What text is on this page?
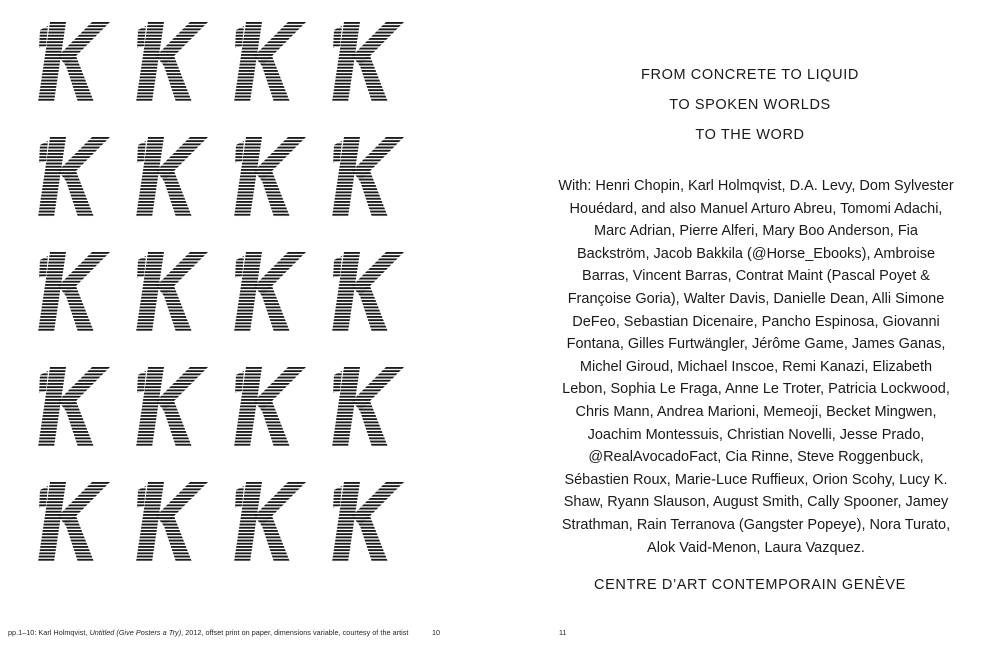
pp.1–10: Karl Holmqvist, Untitled (Give Posters a Try), 2012, offset print on paper, dimensions variable, courtesy of the artist	10
FROM CONCRETE TO LIQUID
TO SPOKEN WORLDS
TO THE WORD
With: Henri Chopin, Karl Holmqvist, D.A. Levy, Dom Sylvester Houédard, and also Manuel Arturo Abreu, Tomomi Adachi, Marc Adrian, Pierre Alferi, Mary Boo Anderson, Fia Backström, Jacob Bakkila (@Horse_Ebooks), Ambroise Barras, Vincent Barras, Contrat Maint (Pascal Poyet & Françoise Goria), Walter Davis, Danielle Dean, Alli Simone DeFeo, Sebastian Dicenaire, Pancho Espinosa, Giovanni Fontana, Gilles Furtwängler, Jérôme Game, James Ganas, Michel Giroud, Michael Inscoe, Remi Kanazi, Elizabeth Lebon, Sophia Le Fraga, Anne Le Troter, Patricia Lockwood, Chris Mann, Andrea Marioni, Memeoji, Becket Mingwen, Joachim Montessuis, Christian Novelli, Jesse Prado, @RealAvocadoFact, Cia Rinne, Steve Roggenbuck, Sébastien Roux, Marie-Luce Ruffieux, Orion Scohy, Lucy K. Shaw, Ryann Slauson, August Smith, Cally Spooner, Jamey Strathman, Rain Terranova (Gangster Popeye), Nora Turato, Alok Vaid-Menon, Laura Vazquez.
CENTRE D’ART CONTEMPORAIN GENÈVE
11
